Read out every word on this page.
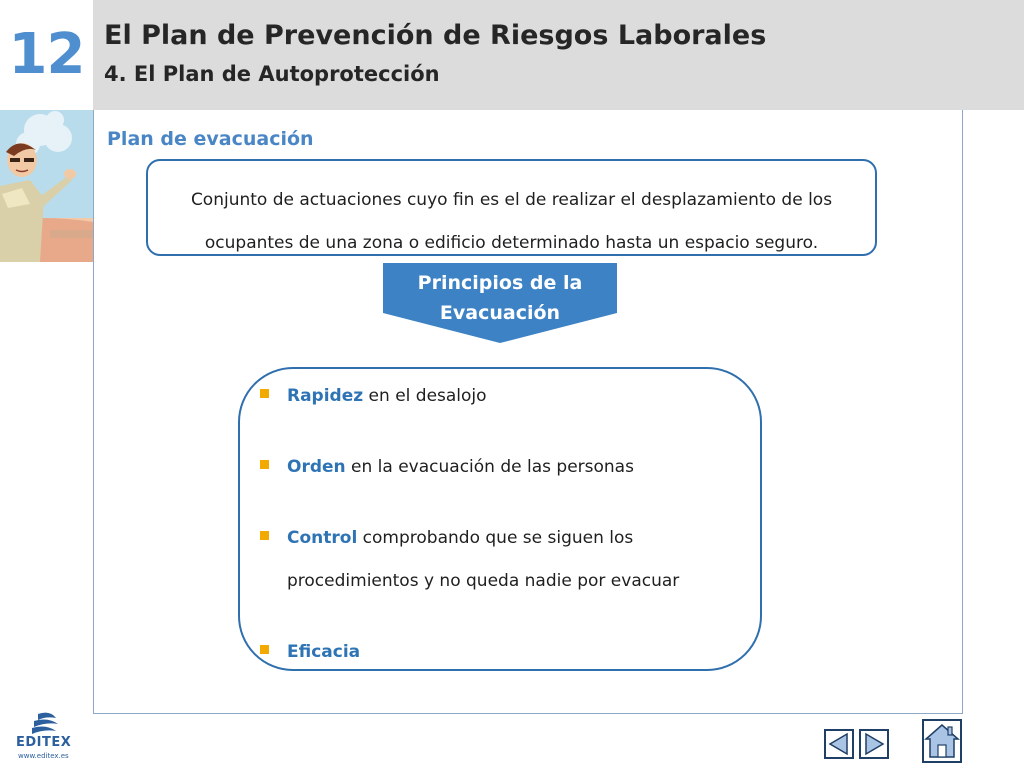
12 El Plan de Prevención de Riesgos Laborales
4. El Plan de Autoprotección
Plan de evacuación
Conjunto de actuaciones cuyo fin es el de realizar el desplazamiento de los ocupantes de una zona o edificio determinado hasta un espacio seguro.
Principios de la
Evacuación
Rapidez en el desalojo
Orden en la evacuación de las personas
Control comprobando que se siguen los procedimientos y no queda nadie por evacuar
Eficacia
EDITEX
www.editex.es
